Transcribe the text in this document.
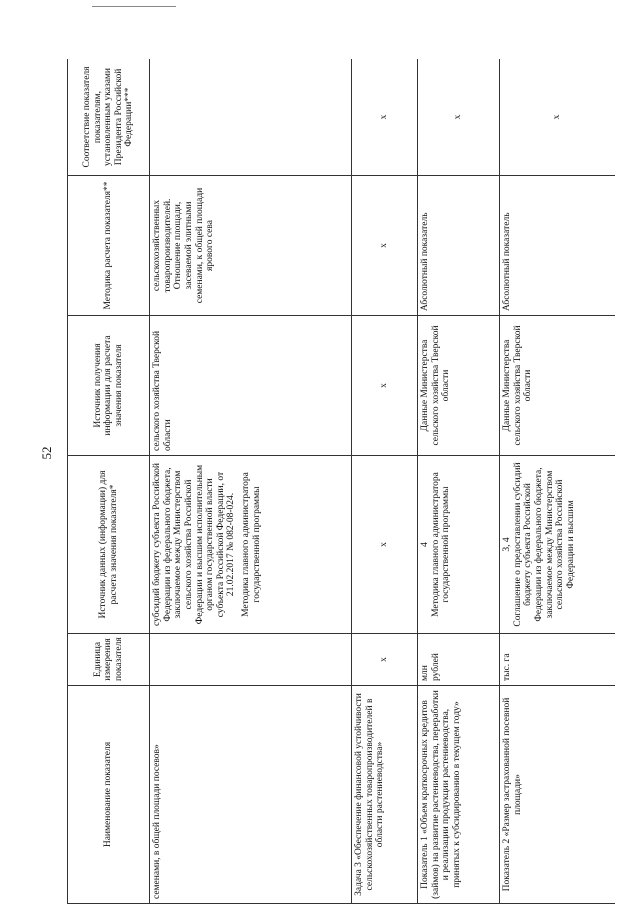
52
Наименование показателя	Единица измерения показателя	Источник данных (информации) для расчета значения показателя*	Источник получения информации для расчета значения показателя	Методика расчета показателя**	Соответствие показателя показателям, установленным указами Президента Российской Федерации***
семенами, в общей площади посевов»		субсидий бюджету субъекта Российской Федерации из федерального бюджета, заключаемое между Министерством сельского хозяйства Российской Федерации и высшим исполнительным органом государственной власти субъекта Российской Федерации, от 21.02.2017 № 082-08-024. Методика главного администратора государственной программы	сельского хозяйства Тверской области	сельскохозяйственных товаропроизводителей. Отношение площади, засеваемой элитными семенами, к общей площади ярового сева	
Задача 3 «Обеспечение финансовой устойчивости сельскохозяйственных товаропроизводителей в области растениеводства»	x	x	x	x	x
Показатель 1 «Объем краткосрочных кредитов (займов) на развитие растениеводства, переработки и реализации продукции растениеводства, принятых к субсидированию в текущем году»	млн рублей	4 Методика главного администратора государственной программы	Данные Министерства сельского хозяйства Тверской области	Абсолютный показатель	x
Показатель 2 «Размер застрахованной посевной площади»	тыс. га	3, 4 Соглашение о предоставлении субсидий бюджету субъекта Российской Федерации из федерального бюджета, заключаемое между Министерством сельского хозяйства Российской Федерации и высшим	Данные Министерства сельского хозяйства Тверской области	Абсолютный показатель	x
